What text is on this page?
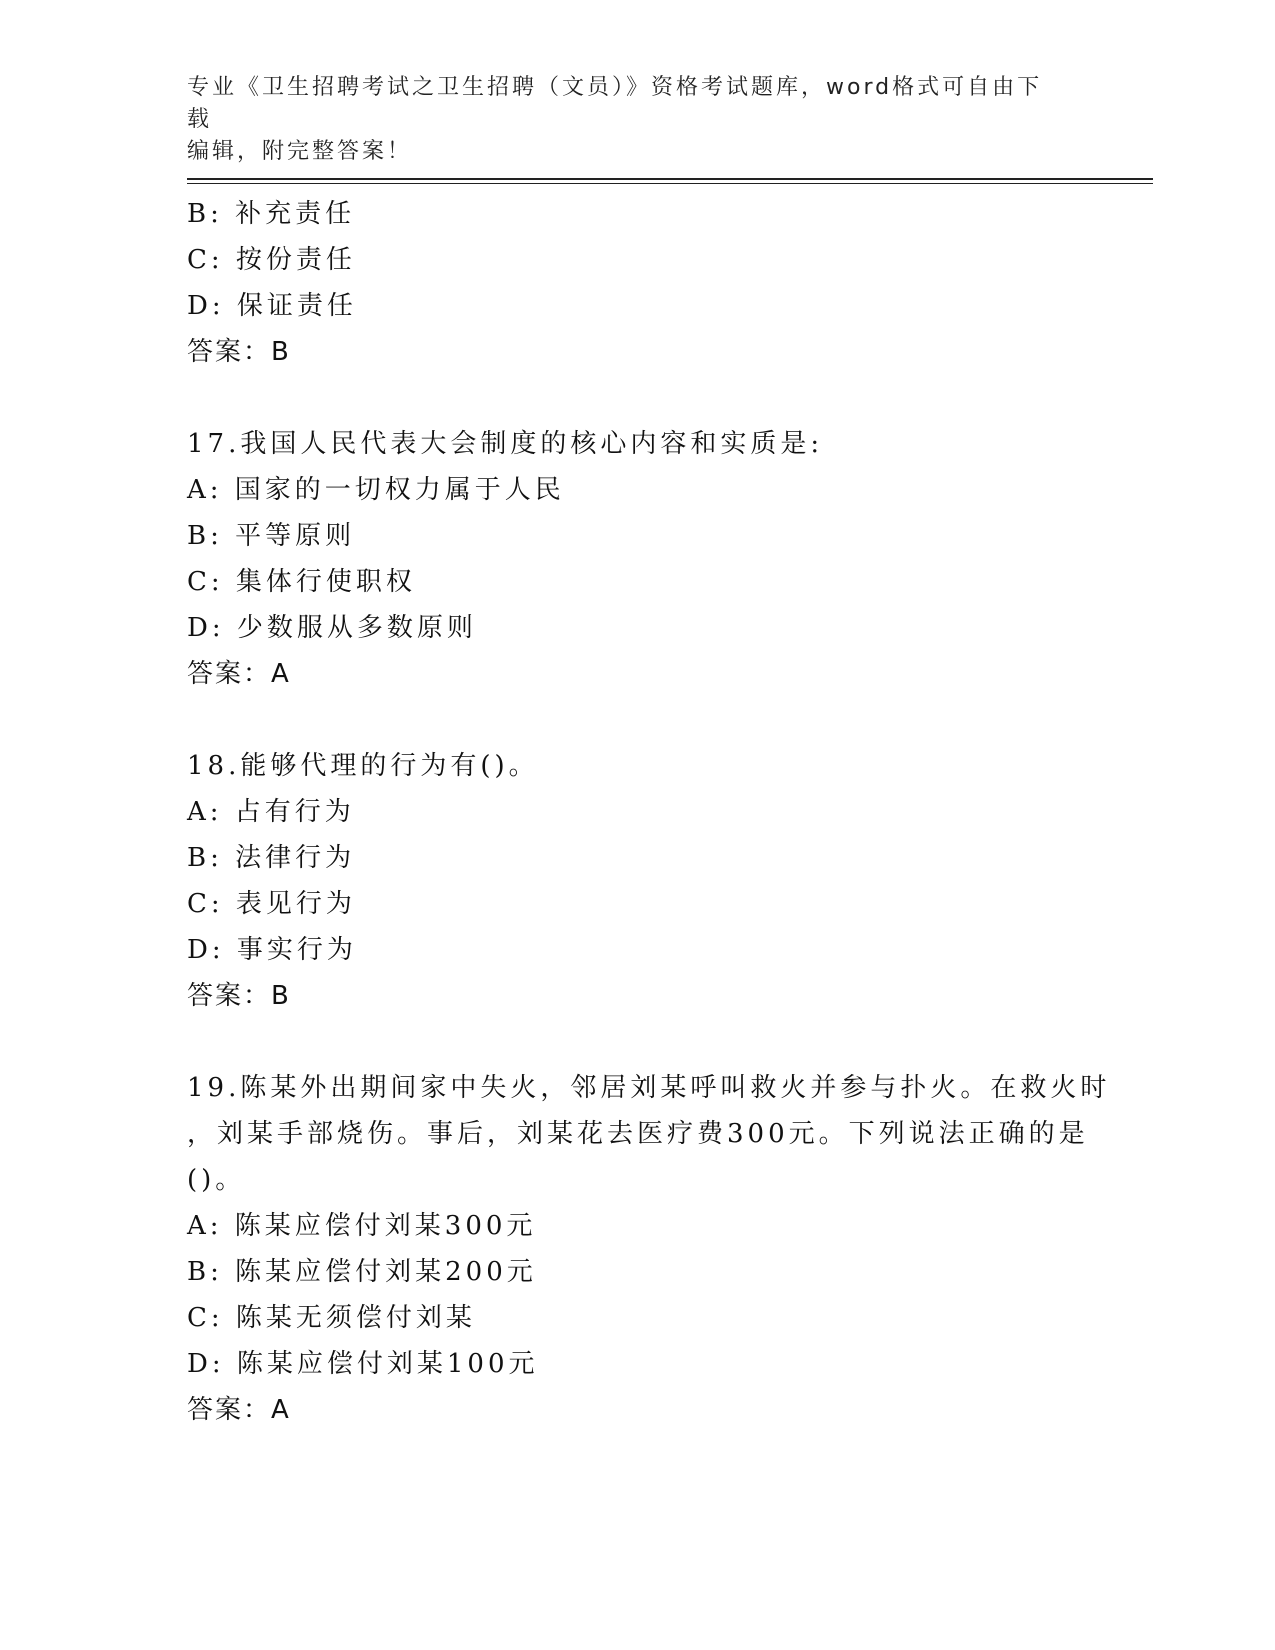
专业《卫生招聘考试之卫生招聘（文员）》资格考试题库，word格式可自由下载
编辑，附完整答案！
B: 补充责任
C: 按份责任
D: 保证责任
答案：B
17.我国人民代表大会制度的核心内容和实质是:
A: 国家的一切权力属于人民
B: 平等原则
C: 集体行使职权
D: 少数服从多数原则
答案：A
18.能够代理的行为有()。
A: 占有行为
B: 法律行为
C: 表见行为
D: 事实行为
答案：B
19.陈某外出期间家中失火，邻居刘某呼叫救火并参与扑火。在救火时
，刘某手部烧伤。事后，刘某花去医疗费300元。下列说法正确的是
()。
A: 陈某应偿付刘某300元
B: 陈某应偿付刘某200元
C: 陈某无须偿付刘某
D: 陈某应偿付刘某100元
答案：A
